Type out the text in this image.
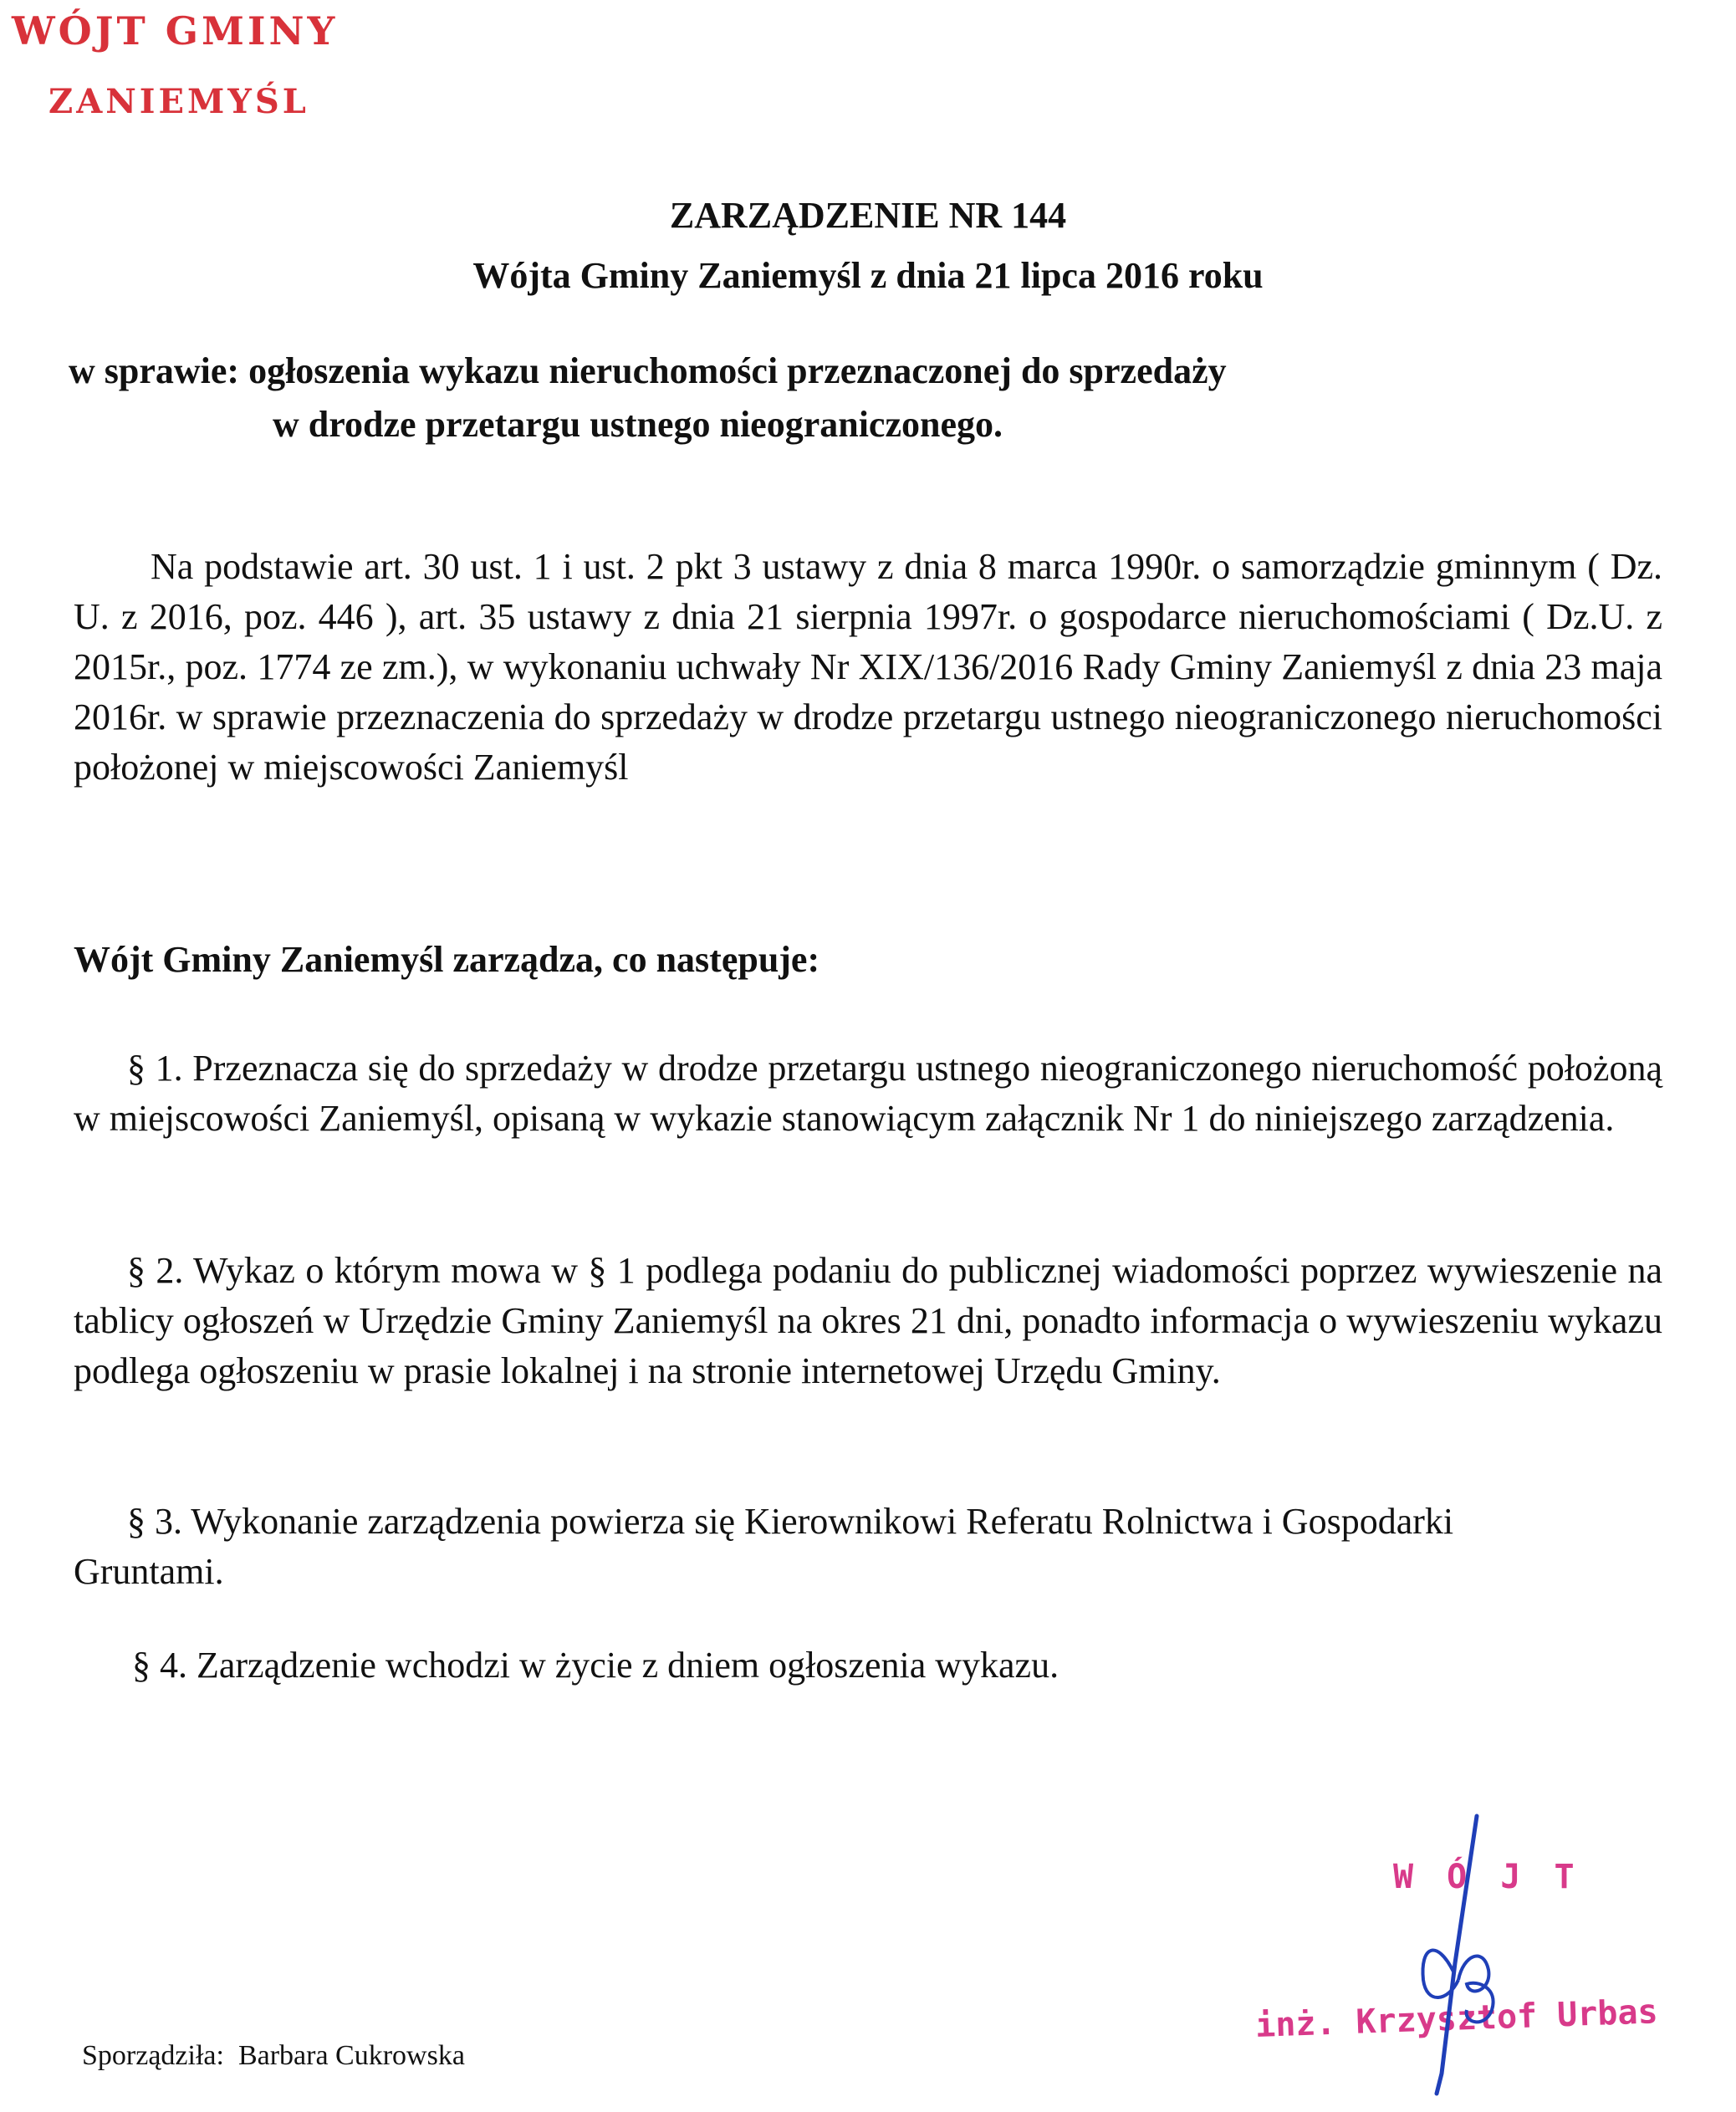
WÓJT GMINY
ZANIEMYŚL
ZARZĄDZENIE NR 144
Wójta Gminy Zaniemyśl z dnia 21 lipca 2016 roku
w sprawie: ogłoszenia wykazu nieruchomości przeznaczonej do sprzedaży
w drodze przetargu ustnego nieograniczonego.
Na podstawie art. 30 ust. 1 i ust. 2 pkt 3 ustawy z dnia 8 marca 1990r. o samorządzie gminnym ( Dz. U. z 2016, poz. 446 ), art. 35 ustawy z dnia 21 sierpnia 1997r. o gospodarce nieruchomościami ( Dz.U. z 2015r., poz. 1774 ze zm.), w wykonaniu uchwały Nr XIX/136/2016 Rady Gminy Zaniemyśl z dnia 23 maja 2016r. w sprawie przeznaczenia do sprzedaży w drodze przetargu ustnego nieograniczonego nieruchomości położonej w miejscowości Zaniemyśl
Wójt Gminy Zaniemyśl zarządza, co następuje:
§ 1. Przeznacza się do sprzedaży w drodze przetargu ustnego nieograniczonego nieruchomość położoną w miejscowości Zaniemyśl, opisaną w wykazie stanowiącym załącznik Nr 1 do niniejszego zarządzenia.
§ 2. Wykaz o którym mowa w § 1 podlega podaniu do publicznej wiadomości poprzez wywieszenie na tablicy ogłoszeń w Urzędzie Gminy Zaniemyśl na okres 21 dni, ponadto informacja o wywieszeniu wykazu podlega ogłoszeniu w prasie lokalnej i na stronie internetowej Urzędu Gminy.
§ 3. Wykonanie zarządzenia powierza się Kierownikowi Referatu Rolnictwa i Gospodarki Gruntami.
§ 4. Zarządzenie wchodzi w życie z dniem ogłoszenia wykazu.
W Ó J T
inż. Krzysztof Urbas
Sporządziła: Barbara Cukrowska
